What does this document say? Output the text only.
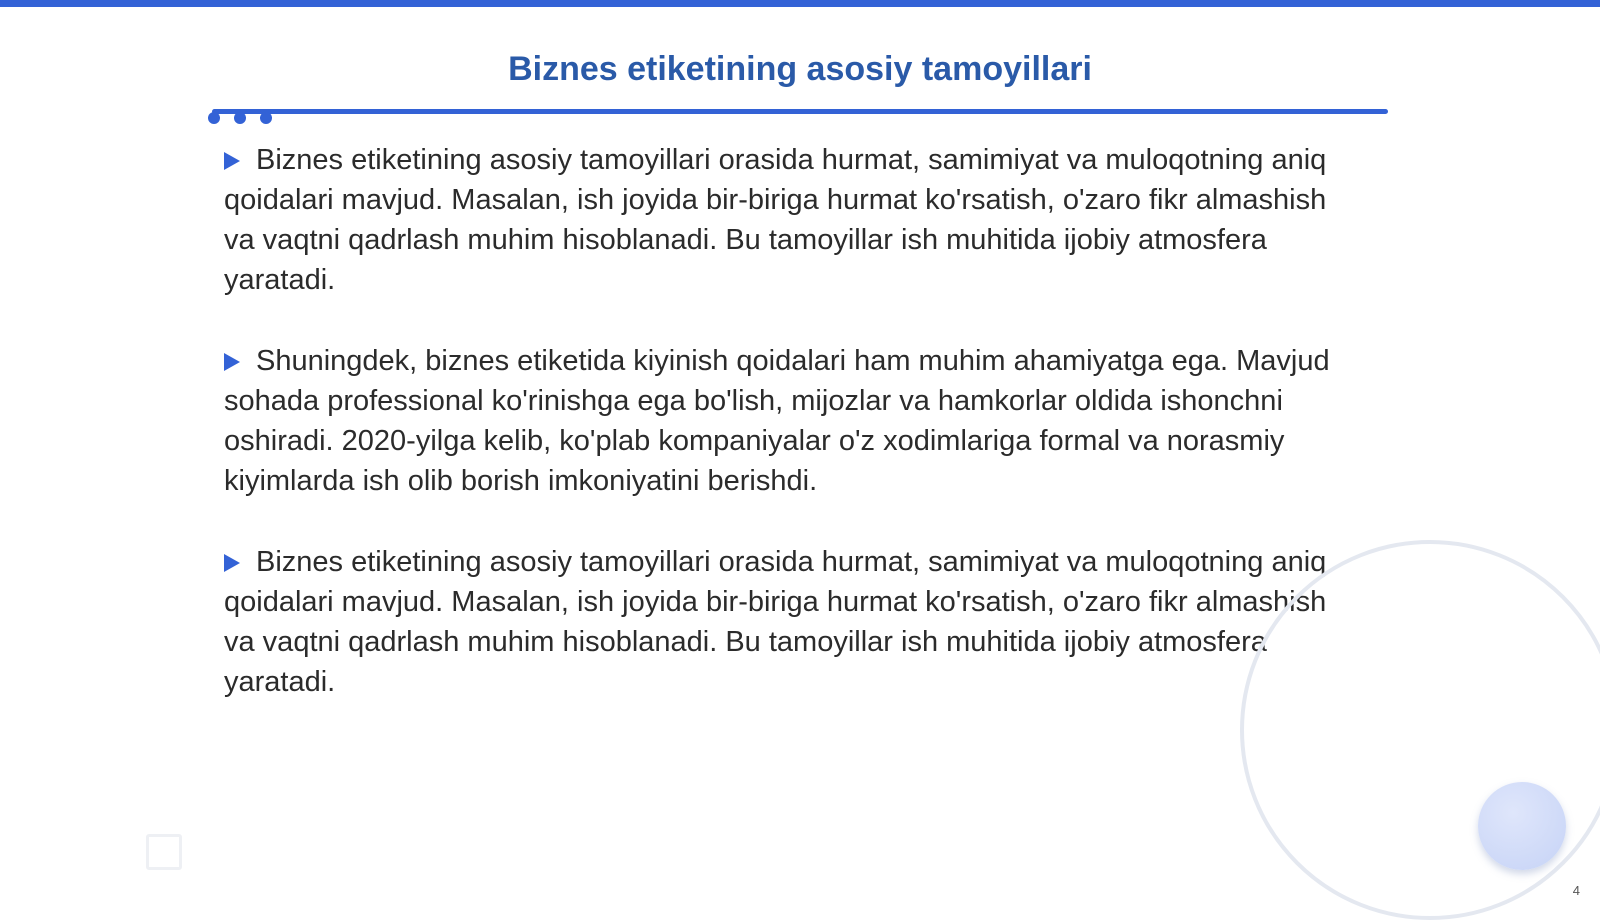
Biznes etiketining asosiy tamoyillari

Biznes etiketining asosiy tamoyillari orasida hurmat, samimiyat va muloqotning aniq qoidalari mavjud. Masalan, ish joyida bir-biriga hurmat ko'rsatish, o'zaro fikr almashish va vaqtni qadrlash muhim hisoblanadi. Bu tamoyillar ish muhitida ijobiy atmosfera yaratadi.

Shuningdek, biznes etiketida kiyinish qoidalari ham muhim ahamiyatga ega. Mavjud sohada professional ko'rinishga ega bo'lish, mijozlar va hamkorlar oldida ishonchni oshiradi. 2020-yilga kelib, ko'plab kompaniyalar o'z xodimlariga formal va norasmiy kiyimlarda ish olib borish imkoniyatini berishdi.

Biznes etiketining asosiy tamoyillari orasida hurmat, samimiyat va muloqotning aniq qoidalari mavjud. Masalan, ish joyida bir-biriga hurmat ko'rsatish, o'zaro fikr almashish va vaqtni qadrlash muhim hisoblanadi. Bu tamoyillar ish muhitida ijobiy atmosfera yaratadi.

4
